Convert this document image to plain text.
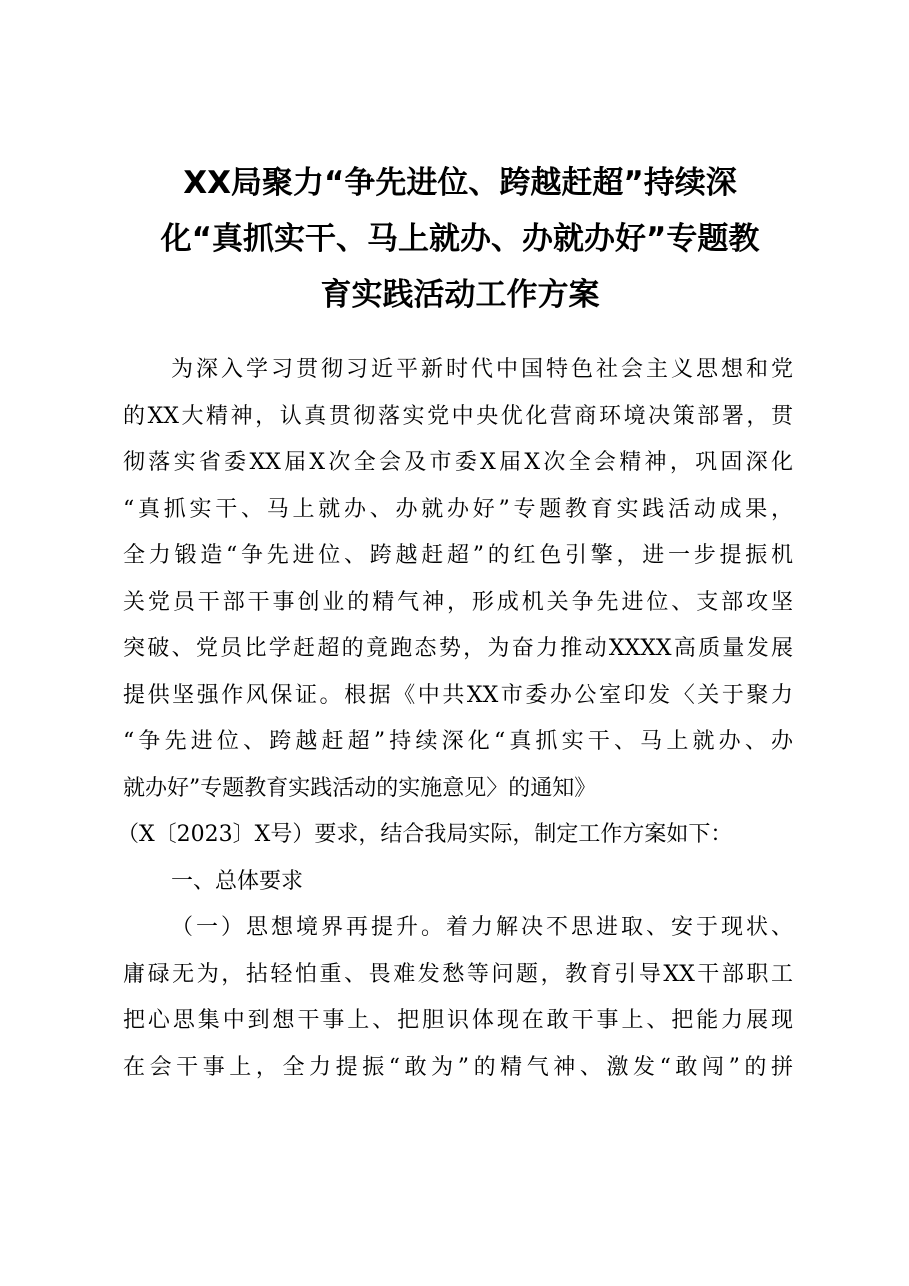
XX局聚力“争先进位、跨越赶超”持续深
化“真抓实干、马上就办、办就办好”专题教
育实践活动工作方案
为深入学习贯彻习近平新时代中国特色社会主义思想和党
的XX大精神，认真贯彻落实党中央优化营商环境决策部署，贯
彻落实省委XX届X次全会及市委X届X次全会精神，巩固深化
“真抓实干、马上就办、办就办好”专题教育实践活动成果，
全力锻造“争先进位、跨越赶超”的红色引擎，进一步提振机
关党员干部干事创业的精气神，形成机关争先进位、支部攻坚
突破、党员比学赶超的竟跑态势，为奋力推动XXXX高质量发展
提供坚强作风保证。根据《中共XX市委办公室印发〈关于聚力
“争先进位、跨越赶超”持续深化“真抓实干、马上就办、办
就办好”专题教育实践活动的实施意见〉的通知》
（X〔2023〕X号）要求，结合我局实际，制定工作方案如下：
一、总体要求
（一）思想境界再提升。着力解决不思进取、安于现状、
庸碌无为，拈轻怕重、畏难发愁等问题，教育引导XX干部职工
把心思集中到想干事上、把胆识体现在敢干事上、把能力展现
在会干事上，全力提振“敢为”的精气神、激发“敢闯”的拼
